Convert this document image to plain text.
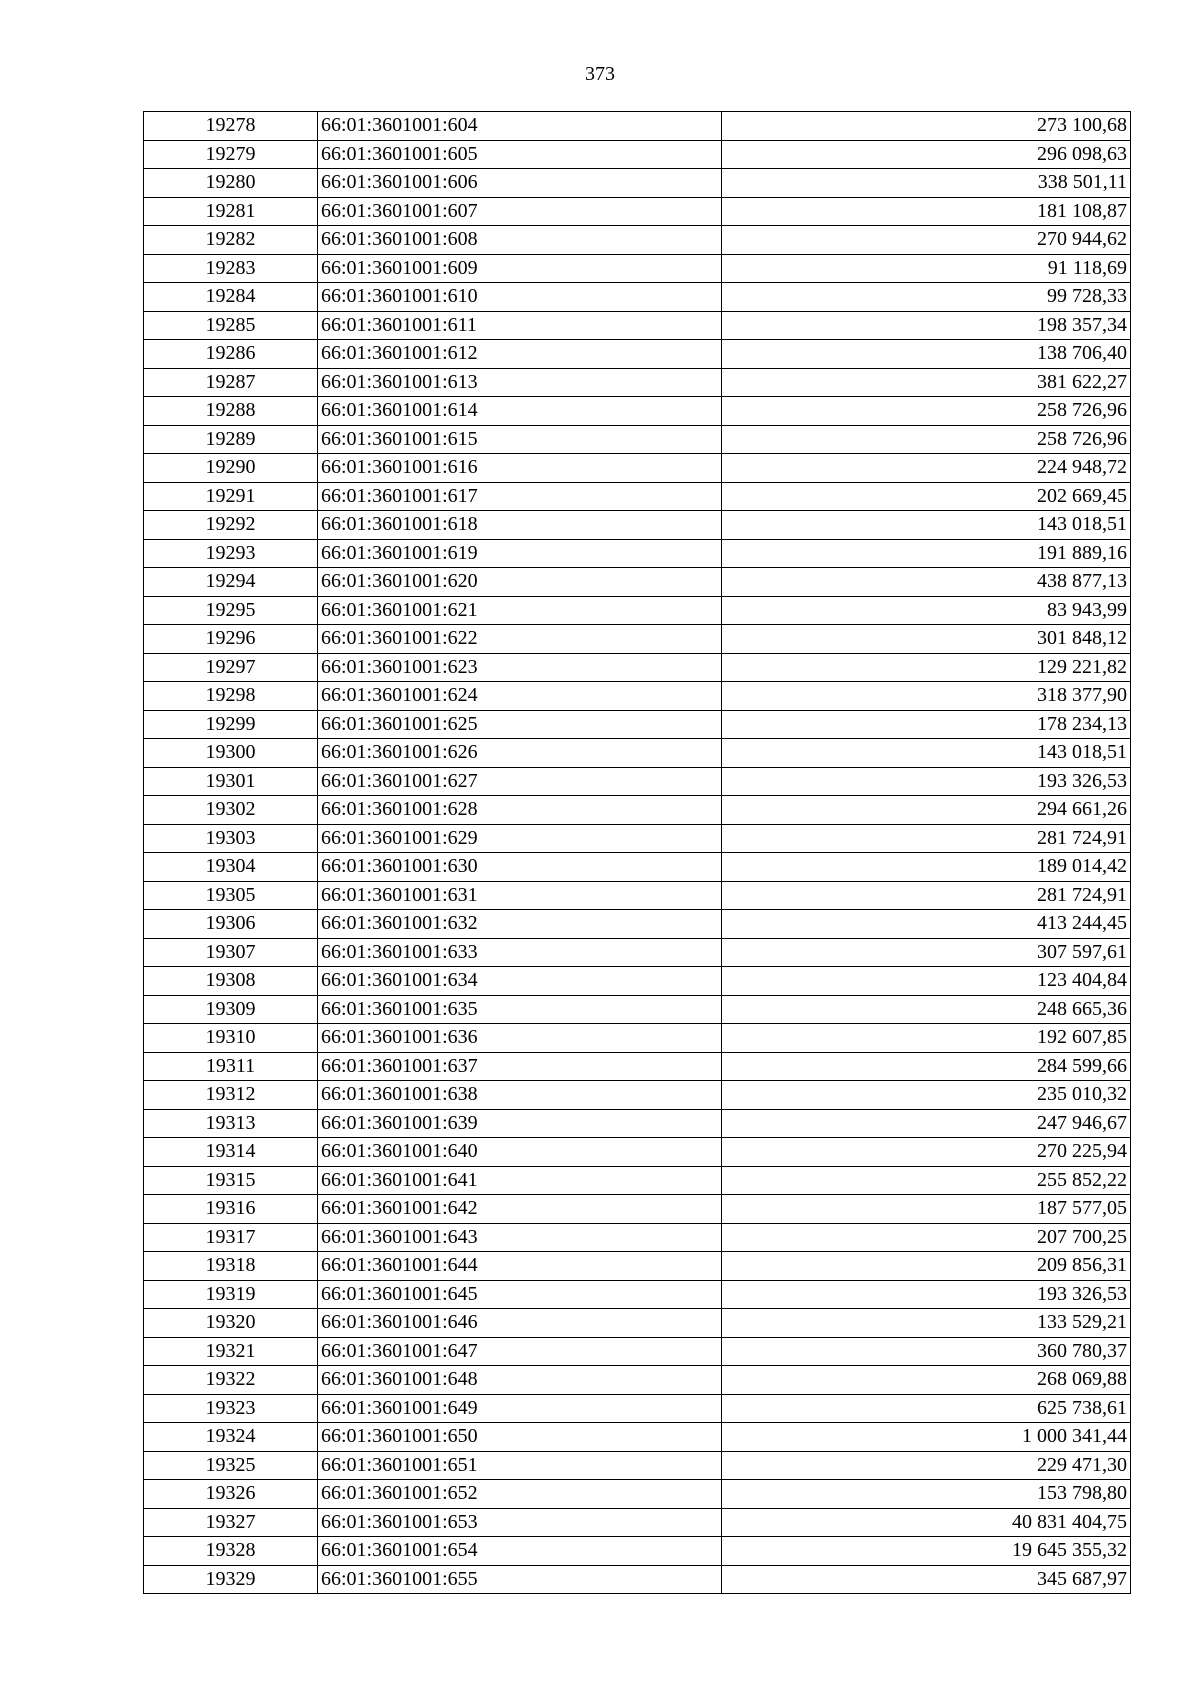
373
19278	66:01:3601001:604	273 100,68
19279	66:01:3601001:605	296 098,63
19280	66:01:3601001:606	338 501,11
19281	66:01:3601001:607	181 108,87
19282	66:01:3601001:608	270 944,62
19283	66:01:3601001:609	91 118,69
19284	66:01:3601001:610	99 728,33
19285	66:01:3601001:611	198 357,34
19286	66:01:3601001:612	138 706,40
19287	66:01:3601001:613	381 622,27
19288	66:01:3601001:614	258 726,96
19289	66:01:3601001:615	258 726,96
19290	66:01:3601001:616	224 948,72
19291	66:01:3601001:617	202 669,45
19292	66:01:3601001:618	143 018,51
19293	66:01:3601001:619	191 889,16
19294	66:01:3601001:620	438 877,13
19295	66:01:3601001:621	83 943,99
19296	66:01:3601001:622	301 848,12
19297	66:01:3601001:623	129 221,82
19298	66:01:3601001:624	318 377,90
19299	66:01:3601001:625	178 234,13
19300	66:01:3601001:626	143 018,51
19301	66:01:3601001:627	193 326,53
19302	66:01:3601001:628	294 661,26
19303	66:01:3601001:629	281 724,91
19304	66:01:3601001:630	189 014,42
19305	66:01:3601001:631	281 724,91
19306	66:01:3601001:632	413 244,45
19307	66:01:3601001:633	307 597,61
19308	66:01:3601001:634	123 404,84
19309	66:01:3601001:635	248 665,36
19310	66:01:3601001:636	192 607,85
19311	66:01:3601001:637	284 599,66
19312	66:01:3601001:638	235 010,32
19313	66:01:3601001:639	247 946,67
19314	66:01:3601001:640	270 225,94
19315	66:01:3601001:641	255 852,22
19316	66:01:3601001:642	187 577,05
19317	66:01:3601001:643	207 700,25
19318	66:01:3601001:644	209 856,31
19319	66:01:3601001:645	193 326,53
19320	66:01:3601001:646	133 529,21
19321	66:01:3601001:647	360 780,37
19322	66:01:3601001:648	268 069,88
19323	66:01:3601001:649	625 738,61
19324	66:01:3601001:650	1 000 341,44
19325	66:01:3601001:651	229 471,30
19326	66:01:3601001:652	153 798,80
19327	66:01:3601001:653	40 831 404,75
19328	66:01:3601001:654	19 645 355,32
19329	66:01:3601001:655	345 687,97
